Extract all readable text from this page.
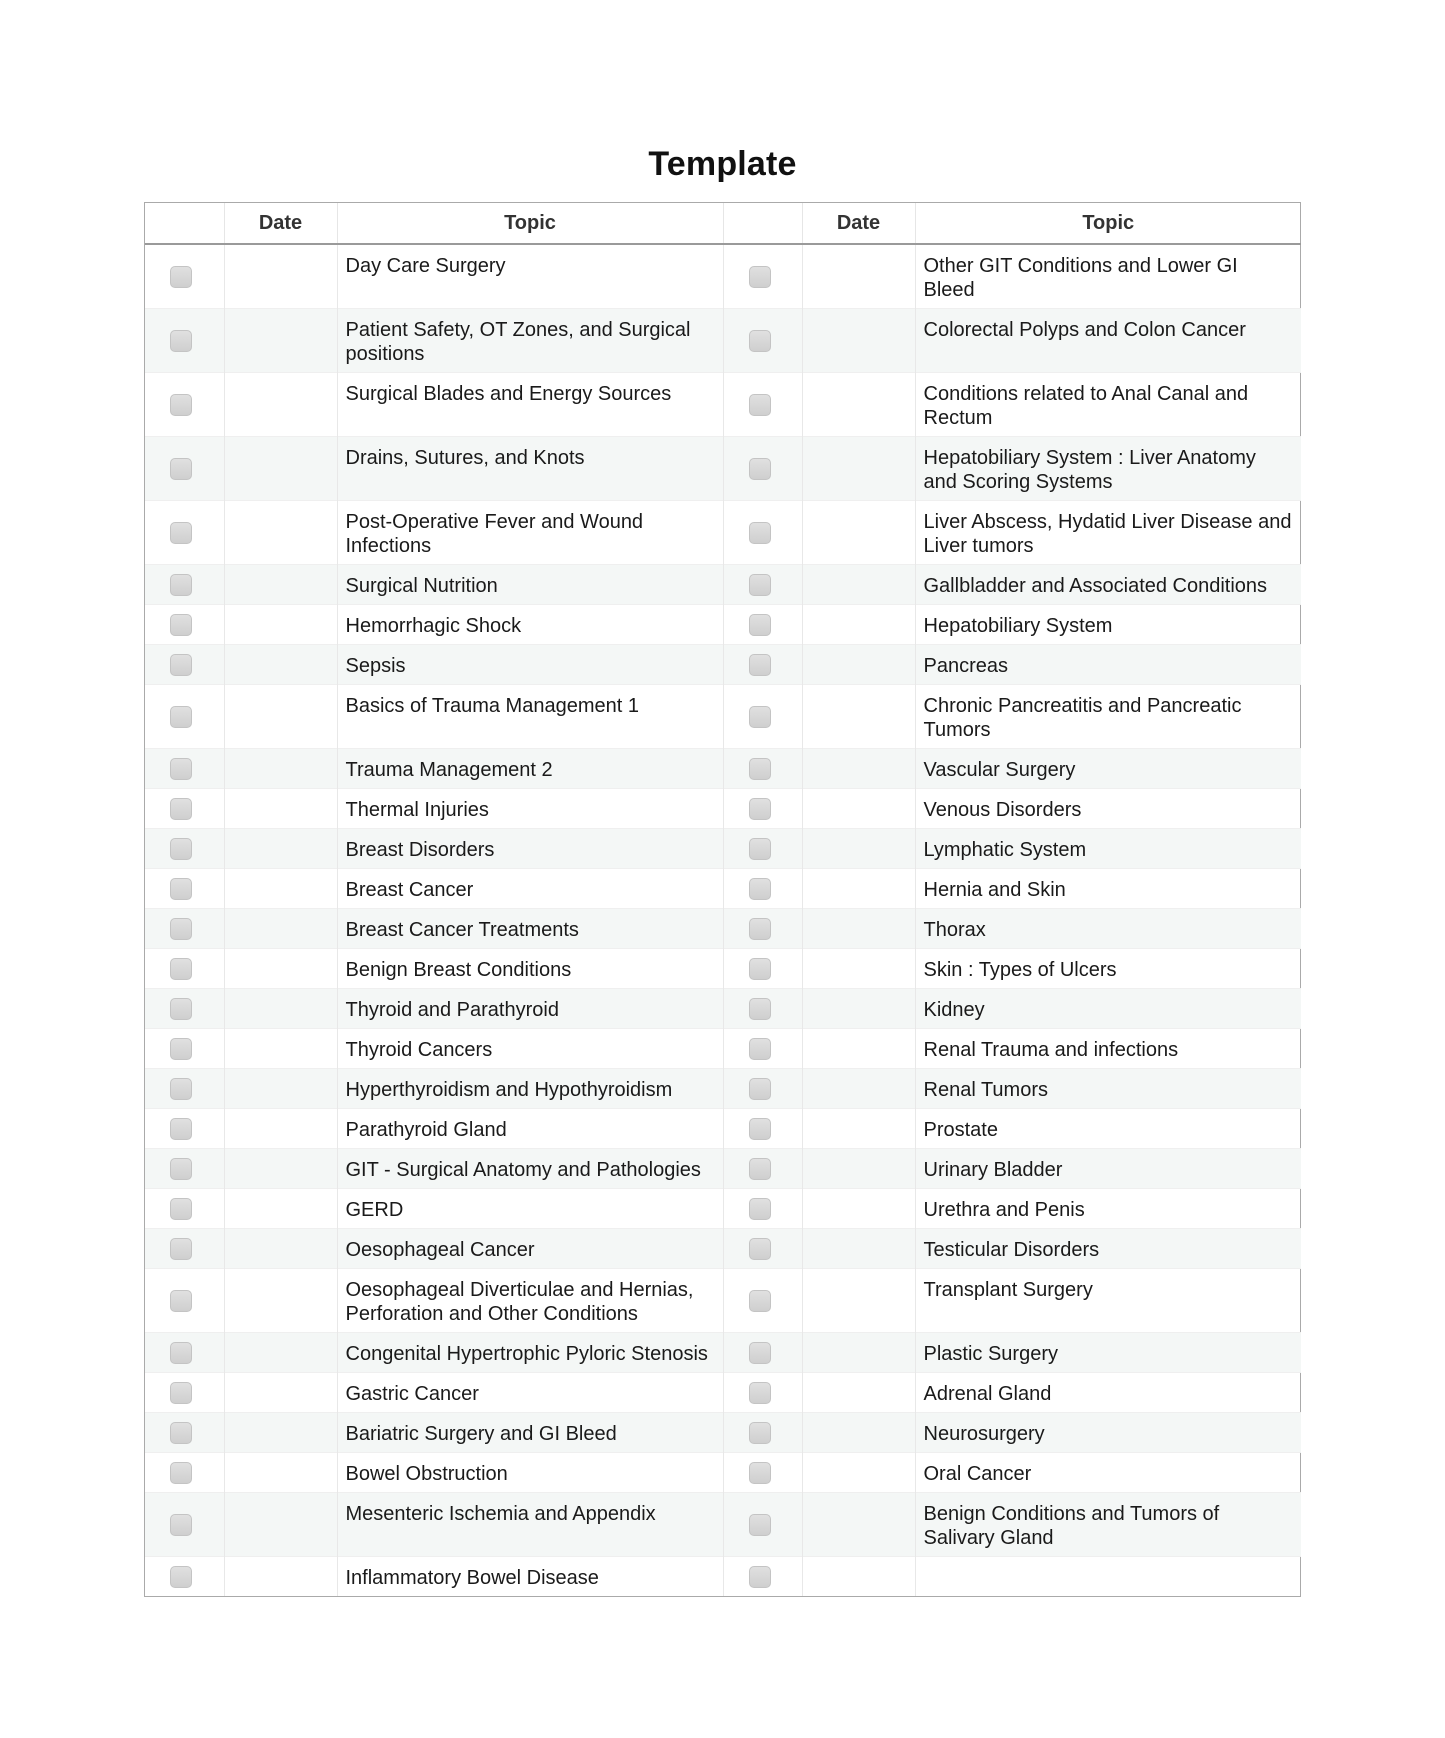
Template
	Date	Topic		Date	Topic

		Day Care Surgery			Other GIT Conditions and Lower GI Bleed

		Patient Safety, OT Zones, and Surgical positions			Colorectal Polyps and Colon Cancer

		Surgical Blades and Energy Sources			Conditions related to Anal Canal and Rectum

		Drains, Sutures, and Knots			Hepatobiliary System : Liver Anatomy and Scoring Systems

		Post-Operative Fever and Wound Infections			Liver Abscess, Hydatid Liver Disease and Liver tumors

		Surgical Nutrition			Gallbladder and Associated Conditions

		Hemorrhagic Shock			Hepatobiliary System

		Sepsis			Pancreas

		Basics of Trauma Management 1			Chronic Pancreatitis and Pancreatic Tumors

		Trauma Management 2			Vascular Surgery

		Thermal Injuries			Venous Disorders

		Breast Disorders			Lymphatic System

		Breast Cancer			Hernia and Skin

		Breast Cancer Treatments			Thorax

		Benign Breast Conditions			Skin : Types of Ulcers

		Thyroid and Parathyroid			Kidney

		Thyroid Cancers			Renal Trauma and infections

		Hyperthyroidism and Hypothyroidism			Renal Tumors

		Parathyroid Gland			Prostate

		GIT - Surgical Anatomy and Pathologies			Urinary Bladder

		GERD			Urethra and Penis

		Oesophageal Cancer			Testicular Disorders

		Oesophageal Diverticulae and Hernias, Perforation and Other Conditions			Transplant Surgery

		Congenital Hypertrophic Pyloric Stenosis			Plastic Surgery

		Gastric Cancer			Adrenal Gland

		Bariatric Surgery and GI Bleed			Neurosurgery

		Bowel Obstruction			Oral Cancer

		Mesenteric Ischemia and Appendix			Benign Conditions and Tumors of Salivary Gland

		Inflammatory Bowel Disease			
